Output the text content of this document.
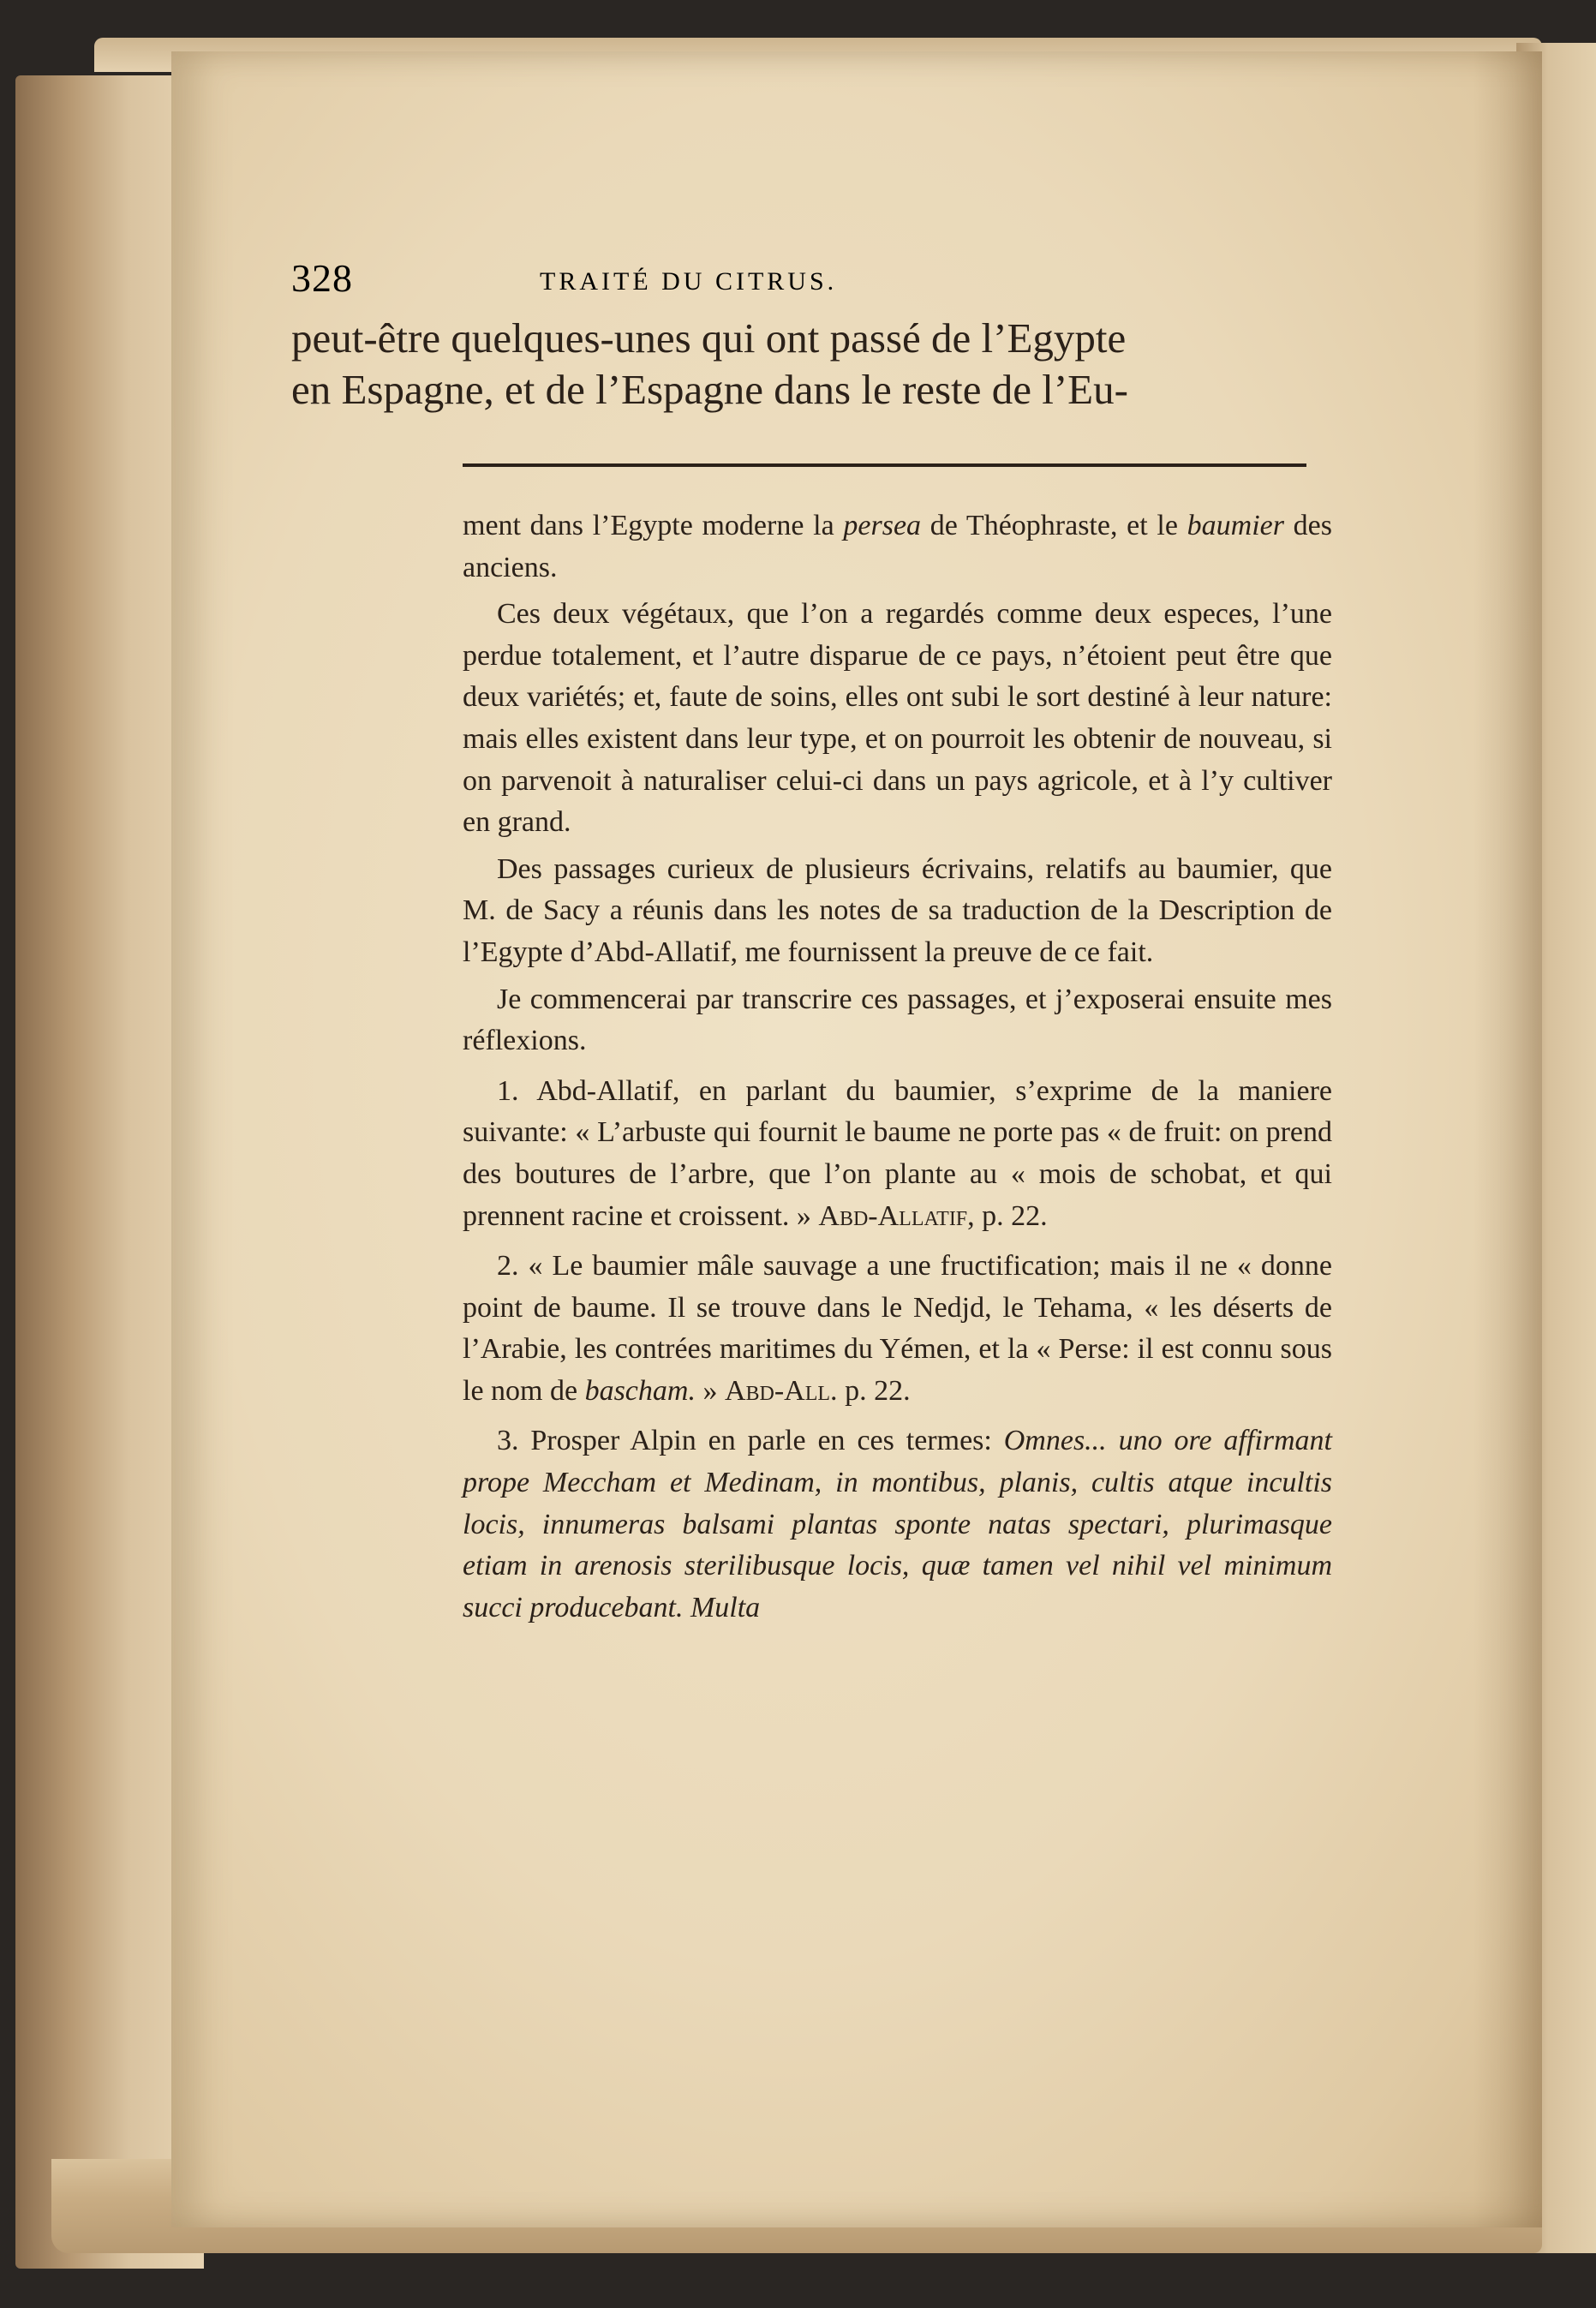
328	TRAITÉ DU CITRUS.

peut-être quelques-unes qui ont passé de l’Egypte

en Espagne, et de l’Espagne dans le reste de l’Eu-

ment dans l’Egypte moderne la persea de Théophraste, et le baumier des anciens.

Ces deux végétaux, que l’on a regardés comme deux especes, l’une perdue totalement, et l’autre disparue de ce pays, n’étoient peut être que deux variétés; et, faute de soins, elles ont subi le sort destiné à leur nature: mais elles existent dans leur type, et on pourroit les obtenir de nouveau, si on parvenoit à naturaliser celui-ci dans un pays agricole, et à l’y cultiver en grand.

Des passages curieux de plusieurs écrivains, relatifs au baumier, que M. de Sacy a réunis dans les notes de sa traduction de la Description de l’Egypte d’Abd-Allatif, me fournissent la preuve de ce fait.

Je commencerai par transcrire ces passages, et j’exposerai ensuite mes réflexions.

1. Abd-Allatif, en parlant du baumier, s’exprime de la maniere suivante: « L’arbuste qui fournit le baume ne porte pas « de fruit: on prend des boutures de l’arbre, que l’on plante au « mois de schobat, et qui prennent racine et croissent. » Abd-Allatif, p. 22.

2. « Le baumier mâle sauvage a une fructification; mais il ne « donne point de baume. Il se trouve dans le Nedjd, le Tehama, « les déserts de l’Arabie, les contrées maritimes du Yémen, et la « Perse: il est connu sous le nom de bascham. » Abd-All. p. 22.

3. Prosper Alpin en parle en ces termes: Omnes... uno ore affirmant prope Meccham et Medinam, in montibus, planis, cultis atque incultis locis, innumeras balsami plantas sponte natas spectari, plurimasque etiam in arenosis sterilibusque locis, quæ tamen vel nihil vel minimum succi producebant. Multa
